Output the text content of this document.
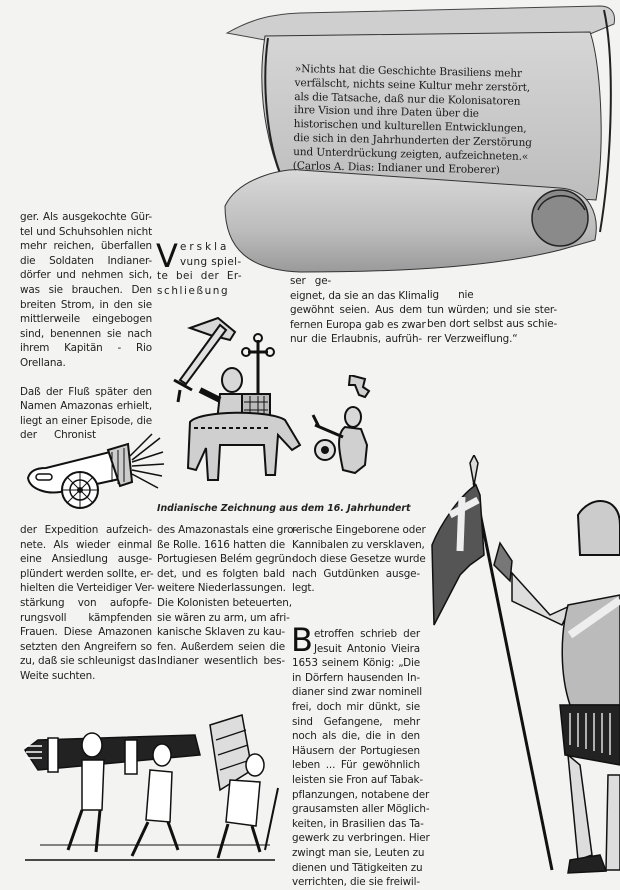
»Nichts hat die Geschichte Brasiliens mehr
verfälscht, nichts seine Kultur mehr zerstört,
als die Tatsache, daß nur die Kolonisatoren
ihre Vision und ihre Daten über die
historischen und kulturellen Entwicklungen,
die sich in den Jahrhunderten der Zerstörung
und Unterdrückung zeigten, aufzeichneten.«
(Carlos A. Dias: Indianer und Eroberer)

ger. Als ausgekochte Gür-

tel und Schuhsohlen nicht

mehr reichen, überfallen

die Soldaten Indianer-

dörfer und nehmen sich,

was sie brauchen. Den

breiten Strom, in den sie

mittlerweile eingebogen

sind, benennen sie nach

ihrem Kapitän - Rio

Orellana.

Daß der Fluß später den

Namen Amazonas erhielt,

liegt an einer Episode, die

der Chronist

V erskla

vung spiel-

te bei der Er-

schließung

ser ge-

eignet, da sie an das Klima

gewöhnt seien. Aus dem

fernen Europa gab es zwar

nur die Erlaubnis, aufrüh-

lig nie

tun würden; und sie ster-

ben dort selbst aus schie-

rer Verzweiflung.“

Indianische Zeichnung aus dem 16. Jahrhundert

der Expedition aufzeich-

nete. Als wieder einmal

eine Ansiedlung ausge-

plündert werden sollte, er-

hielten die Verteidiger Ver-

stärkung von aufopfe-

rungsvoll kämpfenden

Frauen. Diese Amazonen

setzten den Angreifern so

zu, daß sie schleunigst das

Weite suchten.

des Amazonastals eine gro-

ße Rolle. 1616 hatten die

Portugiesen Belém gegrün-

det, und es folgten bald

weitere Niederlassungen.

Die Kolonisten beteuerten,

sie wären zu arm, um afri-

kanische Sklaven zu kau-

fen. Außerdem seien die

Indianer wesentlich bes-

rerische Eingeborene oder

Kannibalen zu versklaven,

doch diese Gesetze wurde

nach Gutdünken ausge-

legt.

B etroffen schrieb der

Jesuit Antonio Vieira

1653 seinem König: „Die

in Dörfern hausenden In-

dianer sind zwar nominell

frei, doch mir dünkt, sie

sind Gefangene, mehr

noch als die, die in den

Häusern der Portugiesen

leben ... Für gewöhnlich

leisten sie Fron auf Tabak-

pflanzungen, notabene der

grausamsten aller Möglich-

keiten, in Brasilien das Ta-

gewerk zu verbringen. Hier

zwingt man sie, Leuten zu

dienen und Tätigkeiten zu

verrichten, die sie freiwil-
